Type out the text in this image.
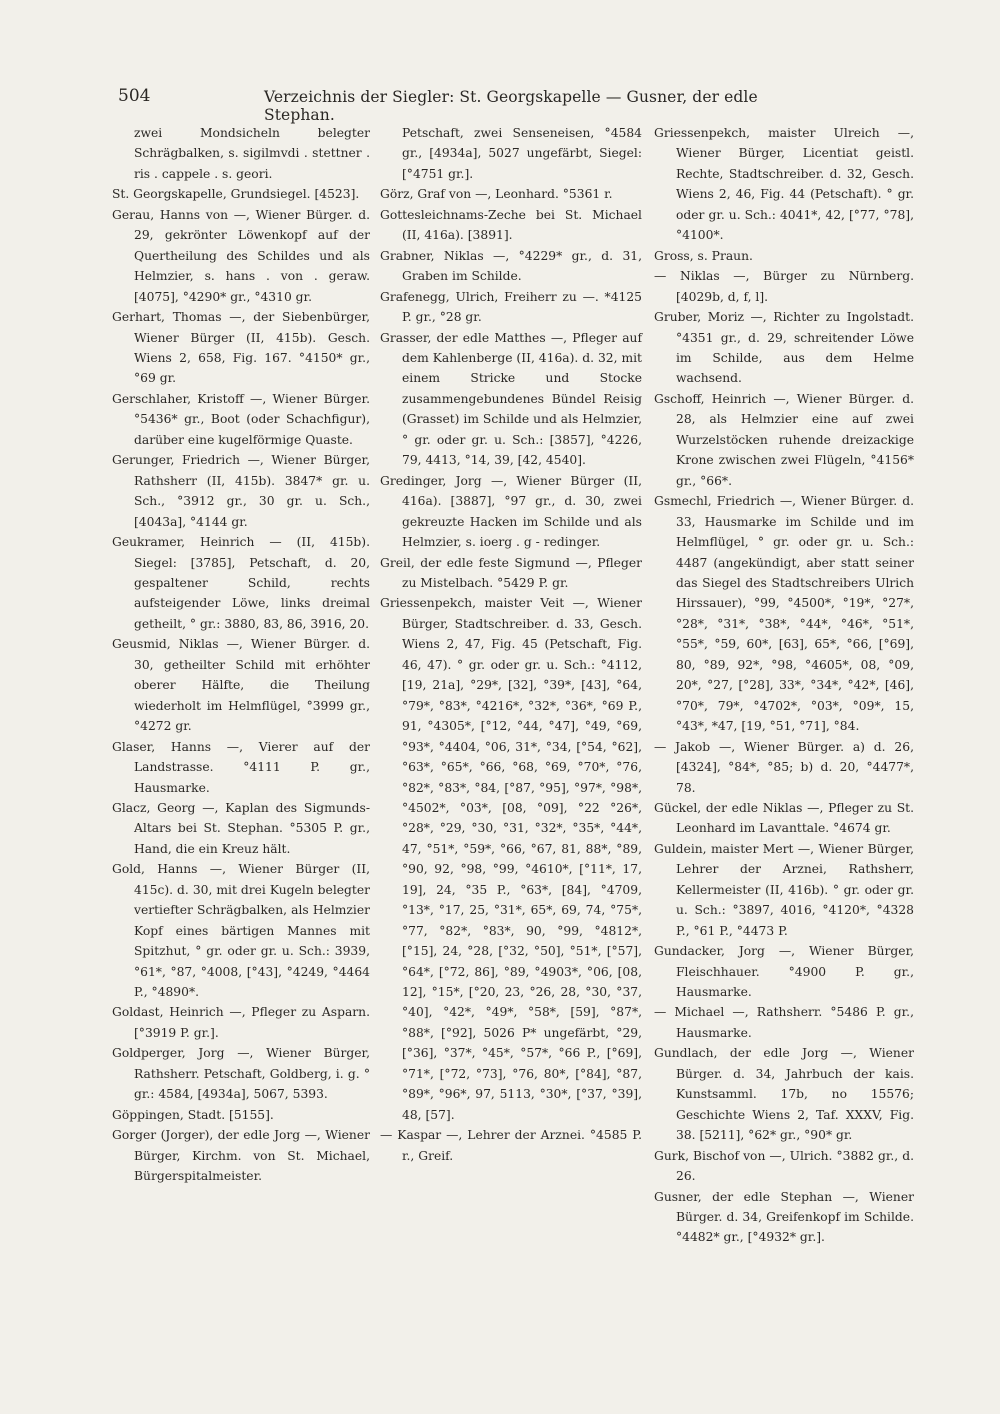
504	Verzeichnis der Siegler: St. Georgskapelle — Gusner, der edle Stephan.

zwei Mondsicheln belegter Schrägbalken, s. sigilmvdi . stettner . ris . cappele . s. geori.

St. Georgskapelle, Grundsiegel. [4523].

Gerau, Hanns von —, Wiener Bürger. d. 29, gekrönter Löwenkopf auf der Quertheilung des Schildes und als Helmzier, s. hans . von . geraw. [4075], °4290* gr., °4310 gr.

Gerhart, Thomas —, der Siebenbürger, Wiener Bürger (II, 415b). Gesch. Wiens 2, 658, Fig. 167. °4150* gr., °69 gr.

Gerschlaher, Kristoff —, Wiener Bürger. °5436* gr., Boot (oder Schachfigur), darüber eine kugelförmige Quaste.

Gerunger, Friedrich —, Wiener Bürger, Rathsherr (II, 415b). 3847* gr. u. Sch., °3912 gr., 30 gr. u. Sch., [4043a], °4144 gr.

Geukramer, Heinrich — (II, 415b). Siegel: [3785], Petschaft, d. 20, gespaltener Schild, rechts aufsteigender Löwe, links dreimal getheilt, ° gr.: 3880, 83, 86, 3916, 20.

Geusmid, Niklas —, Wiener Bürger. d. 30, getheilter Schild mit erhöhter oberer Hälfte, die Theilung wiederholt im Helmflügel, °3999 gr., °4272 gr.

Glaser, Hanns —, Vierer auf der Landstrasse. °4111 P. gr., Hausmarke.

Glacz, Georg —, Kaplan des Sigmunds-Altars bei St. Stephan. °5305 P. gr., Hand, die ein Kreuz hält.

Gold, Hanns —, Wiener Bürger (II, 415c). d. 30, mit drei Kugeln belegter vertiefter Schrägbalken, als Helmzier Kopf eines bärtigen Mannes mit Spitzhut, ° gr. oder gr. u. Sch.: 3939, °61*, °87, °4008, [°43], °4249, °4464 P., °4890*.

Goldast, Heinrich —, Pfleger zu Asparn. [°3919 P. gr.].

Goldperger, Jorg —, Wiener Bürger, Rathsherr. Petschaft, Goldberg, i. g. ° gr.: 4584, [4934a], 5067, 5393.

Göppingen, Stadt. [5155].

Gorger (Jorger), der edle Jorg —, Wiener Bürger, Kirchm. von St. Michael, Bürgerspitalmeister.

Petschaft, zwei Senseneisen, °4584 gr., [4934a], 5027 ungefärbt, Siegel: [°4751 gr.].

Görz, Graf von —, Leonhard. °5361 r.

Gottesleichnams-Zeche bei St. Michael (II, 416a). [3891].

Grabner, Niklas —, °4229* gr., d. 31, Graben im Schilde.

Grafenegg, Ulrich, Freiherr zu —. *4125 P. gr., °28 gr.

Grasser, der edle Matthes —, Pfleger auf dem Kahlenberge (II, 416a). d. 32, mit einem Stricke und Stocke zusammengebundenes Bündel Reisig (Grasset) im Schilde und als Helmzier, ° gr. oder gr. u. Sch.: [3857], °4226, 79, 4413, °14, 39, [42, 4540].

Gredinger, Jorg —, Wiener Bürger (II, 416a). [3887], °97 gr., d. 30, zwei gekreuzte Hacken im Schilde und als Helmzier, s. ioerg . g - redinger.

Greil, der edle feste Sigmund —, Pfleger zu Mistelbach. °5429 P. gr.

Griessenpekch, maister Veit —, Wiener Bürger, Stadtschreiber. d. 33, Gesch. Wiens 2, 47, Fig. 45 (Petschaft, Fig. 46, 47). ° gr. oder gr. u. Sch.: °4112, [19, 21a], °29*, [32], °39*, [43], °64, °79*, °83*, °4216*, °32*, °36*, °69 P., 91, °4305*, [°12, °44, °47], °49, °69, °93*, °4404, °06, 31*, °34, [°54, °62], °63*, °65*, °66, °68, °69, °70*, °76, °82*, °83*, °84, [°87, °95], °97*, °98*, °4502*, °03*, [08, °09], °22 °26*, °28*, °29, °30, °31, °32*, °35*, °44*, 47, °51*, °59*, °66, °67, 81, 88*, °89, °90, 92, °98, °99, °4610*, [°11*, 17, 19], 24, °35 P., °63*, [84], °4709, °13*, °17, 25, °31*, 65*, 69, 74, °75*, °77, °82*, °83*, 90, °99, °4812*, [°15], 24, °28, [°32, °50], °51*, [°57], °64*, [°72, 86], °89, °4903*, °06, [08, 12], °15*, [°20, 23, °26, 28, °30, °37, °40], °42*, °49*, °58*, [59], °87*, °88*, [°92], 5026 P* ungefärbt, °29, [°36], °37*, °45*, °57*, °66 P., [°69], °71*, [°72, °73], °76, 80*, [°84], °87, °89*, °96*, 97, 5113, °30*, [°37, °39], 48, [57].

— Kaspar —, Lehrer der Arznei. °4585 P. r., Greif.

Griessenpekch, maister Ulreich —, Wiener Bürger, Licentiat geistl. Rechte, Stadtschreiber. d. 32, Gesch. Wiens 2, 46, Fig. 44 (Petschaft). ° gr. oder gr. u. Sch.: 4041*, 42, [°77, °78], °4100*.

Gross, s. Praun.

— Niklas —, Bürger zu Nürnberg. [4029b, d, f, l].

Gruber, Moriz —, Richter zu Ingolstadt. °4351 gr., d. 29, schreitender Löwe im Schilde, aus dem Helme wachsend.

Gschoff, Heinrich —, Wiener Bürger. d. 28, als Helmzier eine auf zwei Wurzelstöcken ruhende dreizackige Krone zwischen zwei Flügeln, °4156* gr., °66*.

Gsmechl, Friedrich —, Wiener Bürger. d. 33, Hausmarke im Schilde und im Helmflügel, ° gr. oder gr. u. Sch.: 4487 (angekündigt, aber statt seiner das Siegel des Stadtschreibers Ulrich Hirssauer), °99, °4500*, °19*, °27*, °28*, °31*, °38*, °44*, °46*, °51*, °55*, °59, 60*, [63], 65*, °66, [°69], 80, °89, 92*, °98, °4605*, 08, °09, 20*, °27, [°28], 33*, °34*, °42*, [46], °70*, 79*, °4702*, °03*, °09*, 15, °43*, *47, [19, °51, °71], °84.

— Jakob —, Wiener Bürger. a) d. 26, [4324], °84*, °85; b) d. 20, °4477*, 78.

Gückel, der edle Niklas —, Pfleger zu St. Leonhard im Lavanttale. °4674 gr.

Guldein, maister Mert —, Wiener Bürger, Lehrer der Arznei, Rathsherr, Kellermeister (II, 416b). ° gr. oder gr. u. Sch.: °3897, 4016, °4120*, °4328 P., °61 P., °4473 P.

Gundacker, Jorg —, Wiener Bürger, Fleischhauer. °4900 P. gr., Hausmarke.

— Michael —, Rathsherr. °5486 P. gr., Hausmarke.

Gundlach, der edle Jorg —, Wiener Bürger. d. 34, Jahrbuch der kais. Kunstsamml. 17b, no 15576; Geschichte Wiens 2, Taf. XXXV, Fig. 38. [5211], °62* gr., °90* gr.

Gurk, Bischof von —, Ulrich. °3882 gr., d. 26.

Gusner, der edle Stephan —, Wiener Bürger. d. 34, Greifenkopf im Schilde. °4482* gr., [°4932* gr.].
